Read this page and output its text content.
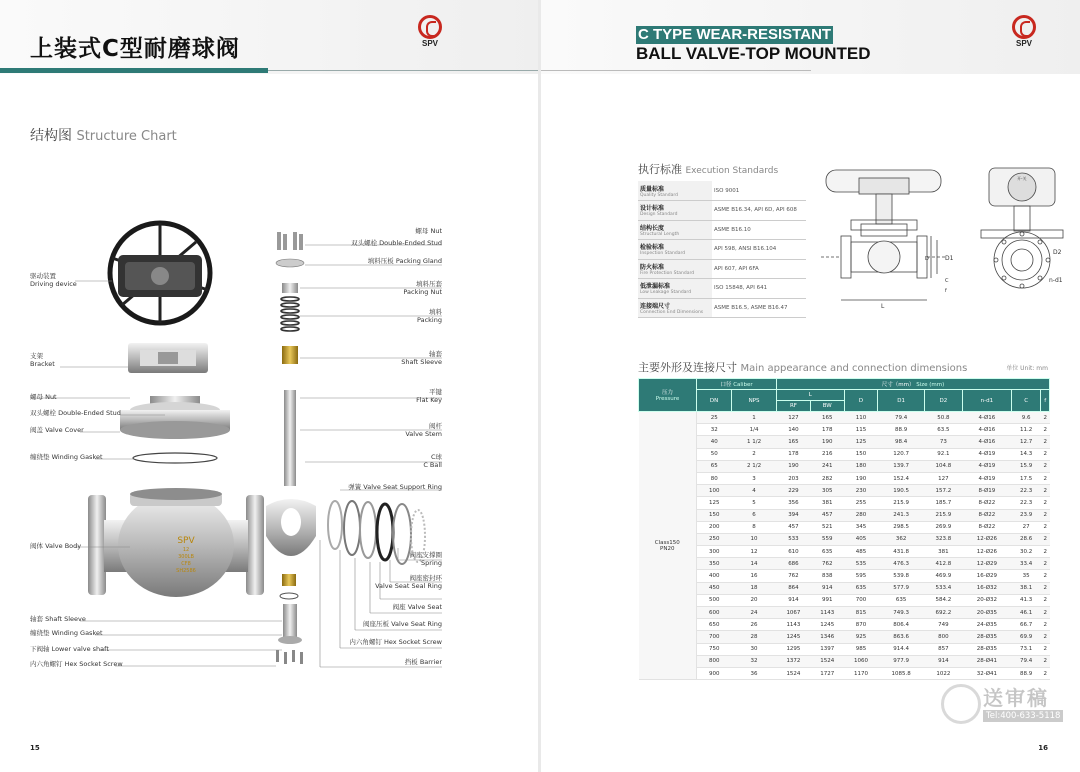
上装式C型耐磨球阀	SPV
结构图 Structure Chart
SPV
12
300LB
CF8
SH2586
驱动装置
Driving device
支架
Bracket
螺母 Nut
双头螺栓 Double-Ended Stud
阀盖 Valve Cover
缠绕垫 Winding Gasket
阀体 Valve Body
轴套 Shaft Sleeve
缠绕垫 Winding Gasket
下阀轴 Lower valve shaft
内六角螺钉 Hex Socket Screw
螺母 Nut
双头螺栓 Double-Ended Stud
填料压板 Packing Gland
填料压套
Packing Nut
填料
Packing
轴套
Shaft Sleeve
平键
Flat Key
阀杆
Valve Stem
C球
C Ball
弹簧 Valve Seat Support Ring
阀座支撑圈
Spring
阀座密封环
Valve Seat Seal Ring
阀座 Valve Seat
阀座压板 Valve Seat Ring
内六角螺钉 Hex Socket Screw
挡板 Barrier
15
C TYPE WEAR-RESISTANT
BALL VALVE-TOP MOUNTED
SPV
执行标准 Execution Standards
质量标准
Quality Standard	ISO 9001

设计标准
Design Standard	ASME B16.34, API 6D, API 608

结构长度
Structural Length	ASME B16.10

检验标准
Inspection Standard	API 598, ANSI B16.104

防火标准
Fire Protection Standard	API 607, API 6FA

低泄漏标准
Low Leakage Standard	ISO 15848, API 641

连接端尺寸
Connection End Dimensions	ASME B16.5, ASME B16.47
D1
D2
n-d1
L
D
C
f
开-关
主要外形及连接尺寸 Main appearance and connection dimensions	单位 Unit: mm
压力
Pressure	口径 Caliber		尺寸（mm） Size (mm)							
	DN	NPS	L		D	D1	D2	n-d1	C	f
			RF	BW						
Class150
PN20	25	1	127	165	110	79.4	50.8	4-Ø16	9.6	2
	32	1/4	140	178	115	88.9	63.5	4-Ø16	11.2	2
	40	1 1/2	165	190	125	98.4	73	4-Ø16	12.7	2
	50	2	178	216	150	120.7	92.1	4-Ø19	14.3	2
	65	2 1/2	190	241	180	139.7	104.8	4-Ø19	15.9	2
	80	3	203	282	190	152.4	127	4-Ø19	17.5	2
	100	4	229	305	230	190.5	157.2	8-Ø19	22.3	2
	125	5	356	381	255	215.9	185.7	8-Ø22	22.3	2
	150	6	394	457	280	241.3	215.9	8-Ø22	23.9	2
	200	8	457	521	345	298.5	269.9	8-Ø22	27	2
	250	10	533	559	405	362	323.8	12-Ø26	28.6	2
	300	12	610	635	485	431.8	381	12-Ø26	30.2	2
	350	14	686	762	535	476.3	412.8	12-Ø29	33.4	2
	400	16	762	838	595	539.8	469.9	16-Ø29	35	2
	450	18	864	914	635	577.9	533.4	16-Ø32	38.1	2
	500	20	914	991	700	635	584.2	20-Ø32	41.3	2
	600	24	1067	1143	815	749.3	692.2	20-Ø35	46.1	2
	650	26	1143	1245	870	806.4	749	24-Ø35	66.7	2
	700	28	1245	1346	925	863.6	800	28-Ø35	69.9	2
	750	30	1295	1397	985	914.4	857	28-Ø35	73.1	2
	800	32	1372	1524	1060	977.9	914	28-Ø41	79.4	2
	900	36	1524	1727	1170	1085.8	1022	32-Ø41	88.9	2
送审稿
Tel:400-633-5118
16
